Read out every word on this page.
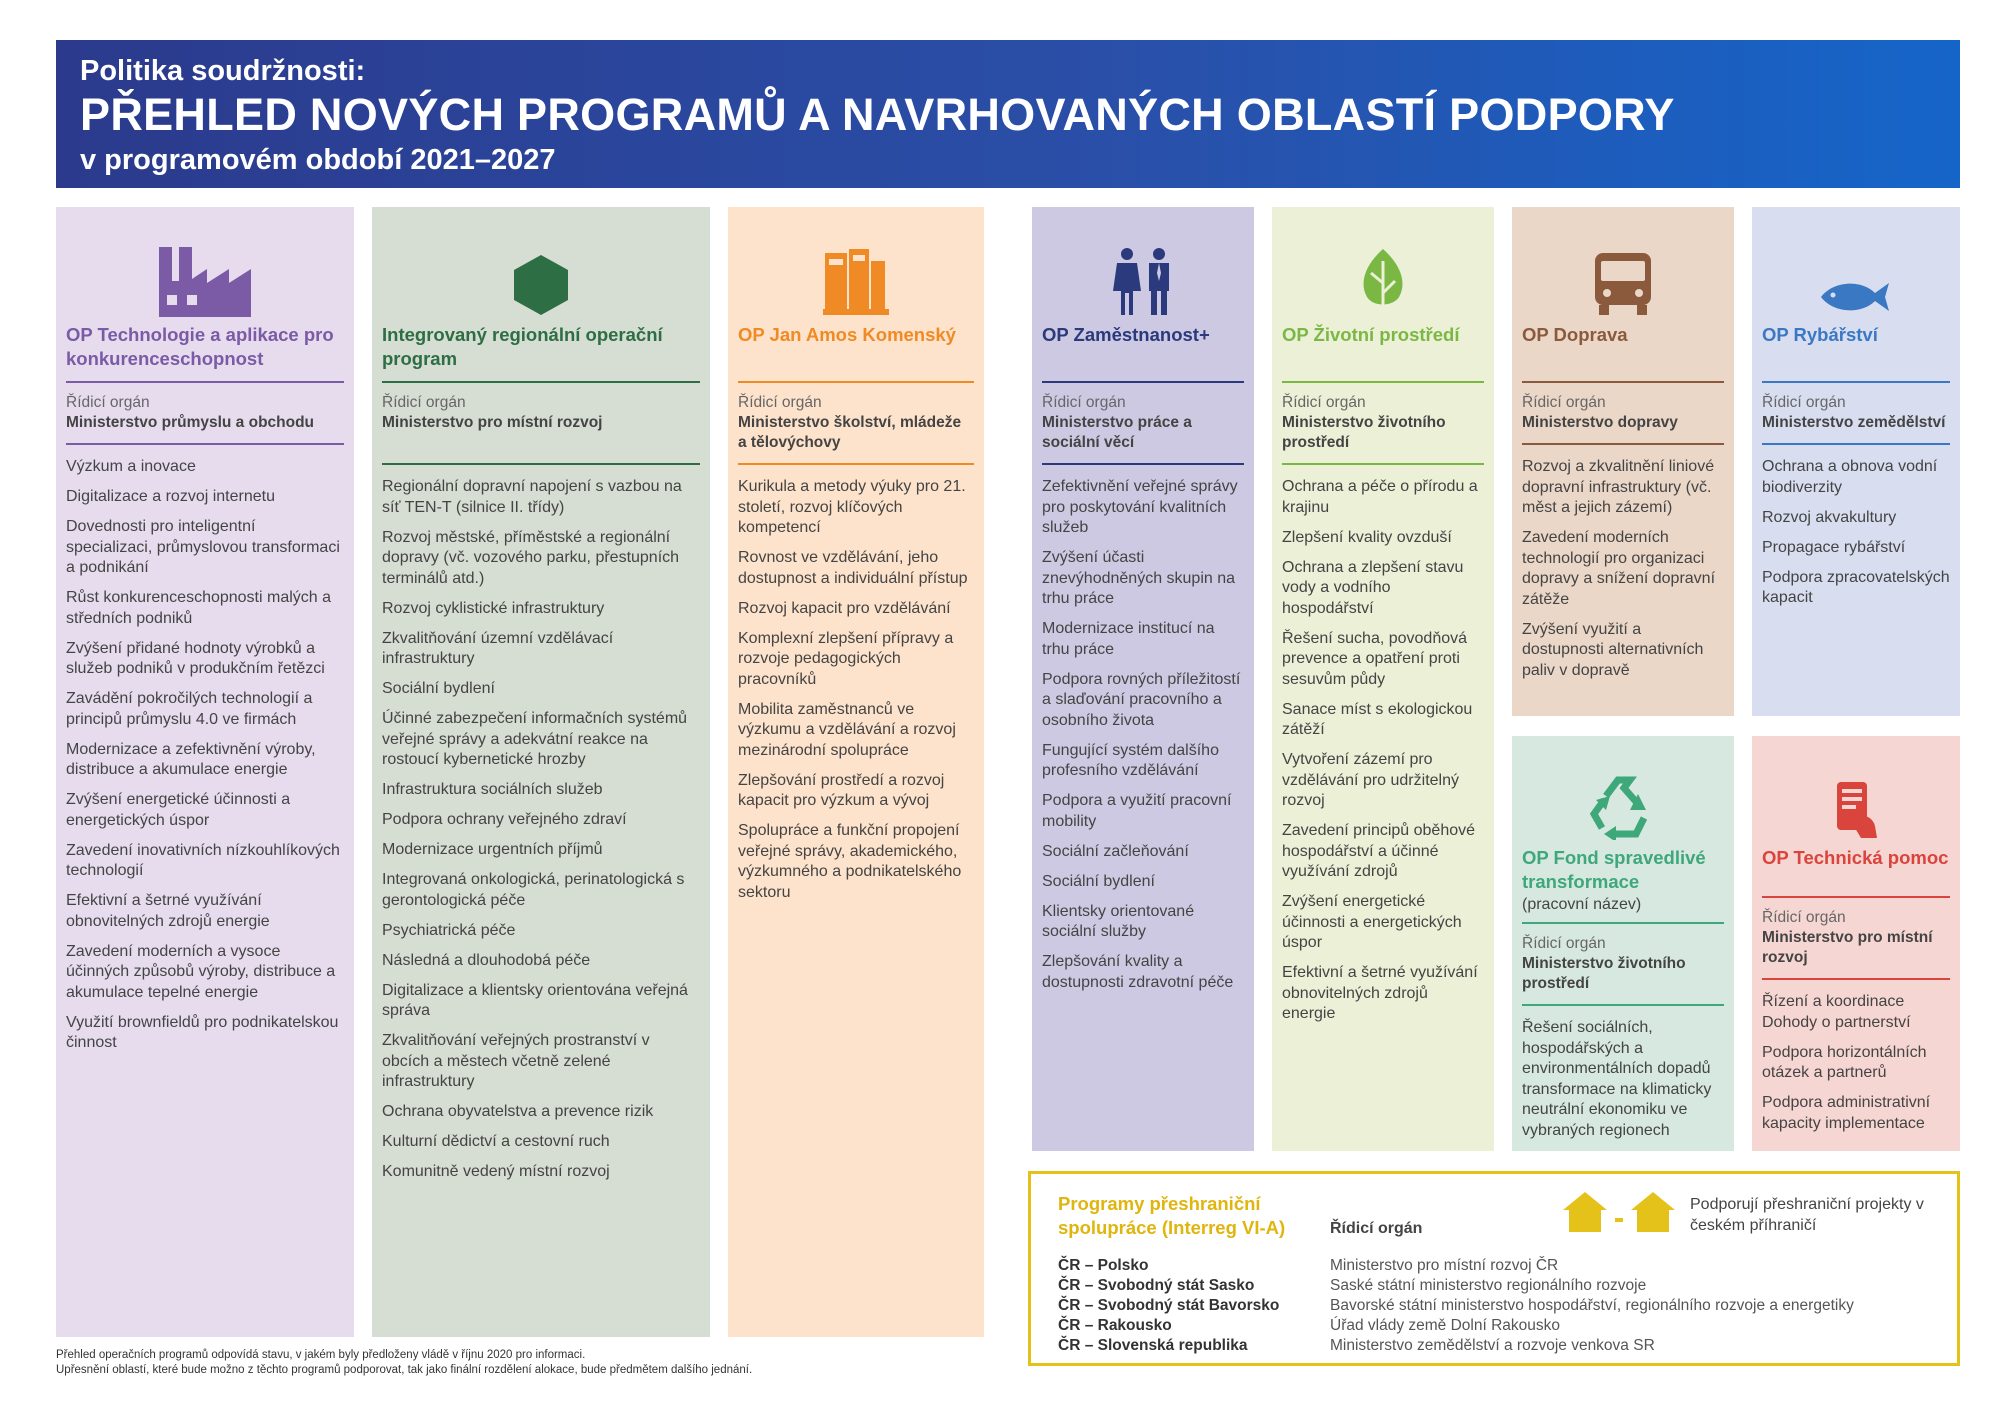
Politika soudržnosti:
PŘEHLED NOVÝCH PROGRAMŮ A NAVRHOVANÝCH OBLASTÍ PODPORY
v programovém období 2021–2027
OP Technologie a aplikace pro konkurenceschopnost
Řídicí orgán
Ministerstvo průmyslu a obchodu
Výzkum a inovace
Digitalizace a rozvoj internetu
Dovednosti pro inteligentní specializaci, průmyslovou transformaci a podnikání
Růst konkurenceschopnosti malých a středních podniků
Zvýšení přidané hodnoty výrobků a služeb podniků v produkčním řetězci
Zavádění pokročilých technologií a principů průmyslu 4.0 ve firmách
Modernizace a zefektivnění výroby, distribuce a akumulace energie
Zvýšení energetické účinnosti a energetických úspor
Zavedení inovativních nízkouhlíkových technologií
Efektivní a šetrné využívání obnovitelných zdrojů energie
Zavedení moderních a vysoce účinných způsobů výroby, distribuce a akumulace tepelné energie
Využití brownfieldů pro podnikatelskou činnost
Integrovaný regionální operační program
Řídicí orgán
Ministerstvo pro místní rozvoj
Regionální dopravní napojení s vazbou na síť TEN-T (silnice II. třídy)
Rozvoj městské, příměstské a regionální dopravy (vč. vozového parku, přestupních terminálů atd.)
Rozvoj cyklistické infrastruktury
Zkvalitňování územní vzdělávací infrastruktury
Sociální bydlení
Účinné zabezpečení informačních systémů veřejné správy a adekvátní reakce na rostoucí kybernetické hrozby
Infrastruktura sociálních služeb
Podpora ochrany veřejného zdraví
Modernizace urgentních příjmů
Integrovaná onkologická, perinatologická s gerontologická péče
Psychiatrická péče
Následná a dlouhodobá péče
Digitalizace a klientsky orientována veřejná správa
Zkvalitňování veřejných prostranství v obcích a městech včetně zelené infrastruktury
Ochrana obyvatelstva a prevence rizik
Kulturní dědictví a cestovní ruch
Komunitně vedený místní rozvoj
OP Jan Amos Komenský
Řídicí orgán
Ministerstvo školství, mládeže a tělovýchovy
Kurikula a metody výuky pro 21. století, rozvoj klíčových kompetencí
Rovnost ve vzdělávání, jeho dostupnost a individuální přístup
Rozvoj kapacit pro vzdělávání
Komplexní zlepšení přípravy a rozvoje pedagogických pracovníků
Mobilita zaměstnanců ve výzkumu a vzdělávání a rozvoj mezinárodní spolupráce
Zlepšování prostředí a rozvoj kapacit pro výzkum a vývoj
Spolupráce a funkční propojení veřejné správy, akademického, výzkumného a podnikatelského sektoru
OP Zaměstnanost+
Řídicí orgán
Ministerstvo práce a sociální věcí
Zefektivnění veřejné správy pro poskytování kvalitních služeb
Zvýšení účasti znevýhodněných skupin na trhu práce
Modernizace institucí na trhu práce
Podpora rovných příležitostí a slaďování pracovního a osobního života
Fungující systém dalšího profesního vzdělávání
Podpora a využití pracovní mobility
Sociální začleňování
Sociální bydlení
Klientsky orientované sociální služby
Zlepšování kvality a dostupnosti zdravotní péče
OP Životní prostředí
Řídicí orgán
Ministerstvo životního prostředí
Ochrana a péče o přírodu a krajinu
Zlepšení kvality ovzduší
Ochrana a zlepšení stavu vody a vodního hospodářství
Řešení sucha, povodňová prevence a opatření proti sesuvům půdy
Sanace míst s ekologickou zátěží
Vytvoření zázemí pro vzdělávání pro udržitelný rozvoj
Zavedení principů oběhové hospodářství a účinné využívání zdrojů
Zvýšení energetické účinnosti a energetických úspor
Efektivní a šetrné využívání obnovitelných zdrojů energie
OP Doprava
Řídicí orgán
Ministerstvo dopravy
Rozvoj a zkvalitnění liniové dopravní infrastruktury (vč. měst a jejich zázemí)
Zavedení moderních technologií pro organizaci dopravy a snížení dopravní zátěže
Zvýšení využití a dostupnosti alternativních paliv v dopravě
OP Rybářství
Řídicí orgán
Ministerstvo zemědělství
Ochrana a obnova vodní biodiverzity
Rozvoj akvakultury
Propagace rybářství
Podpora zpracovatelských kapacit
OP Fond spravedlivé transformace
(pracovní název)
Řídicí orgán
Ministerstvo životního prostředí
Řešení sociálních, hospodářských a environmentálních dopadů transformace na klimaticky neutrální ekonomiku ve vybraných regionech
OP Technická pomoc
Řídicí orgán
Ministerstvo pro místní rozvoj
Řízení a koordinace Dohody o partnerství
Podpora horizontálních otázek a partnerů
Podpora administrativní kapacity implementace
Programy přeshraniční spolupráce (Interreg VI-A)	Řídicí orgán
Podporují přeshraniční projekty v českém příhraničí
ČR – Polsko	Ministerstvo pro místní rozvoj ČR
ČR – Svobodný stát Sasko	Saské státní ministerstvo regionálního rozvoje
ČR – Svobodný stát Bavorsko	Bavorské státní ministerstvo hospodářství, regionálního rozvoje a energetiky
ČR – Rakousko	Úřad vlády země Dolní Rakousko
ČR – Slovenská republika	Ministerstvo zemědělství a rozvoje venkova SR
Přehled operačních programů odpovídá stavu, v jakém byly předloženy vládě v říjnu 2020 pro informaci.
Upřesnění oblastí, které bude možno z těchto programů podporovat, tak jako finální rozdělení alokace, bude předmětem dalšího jednání.
